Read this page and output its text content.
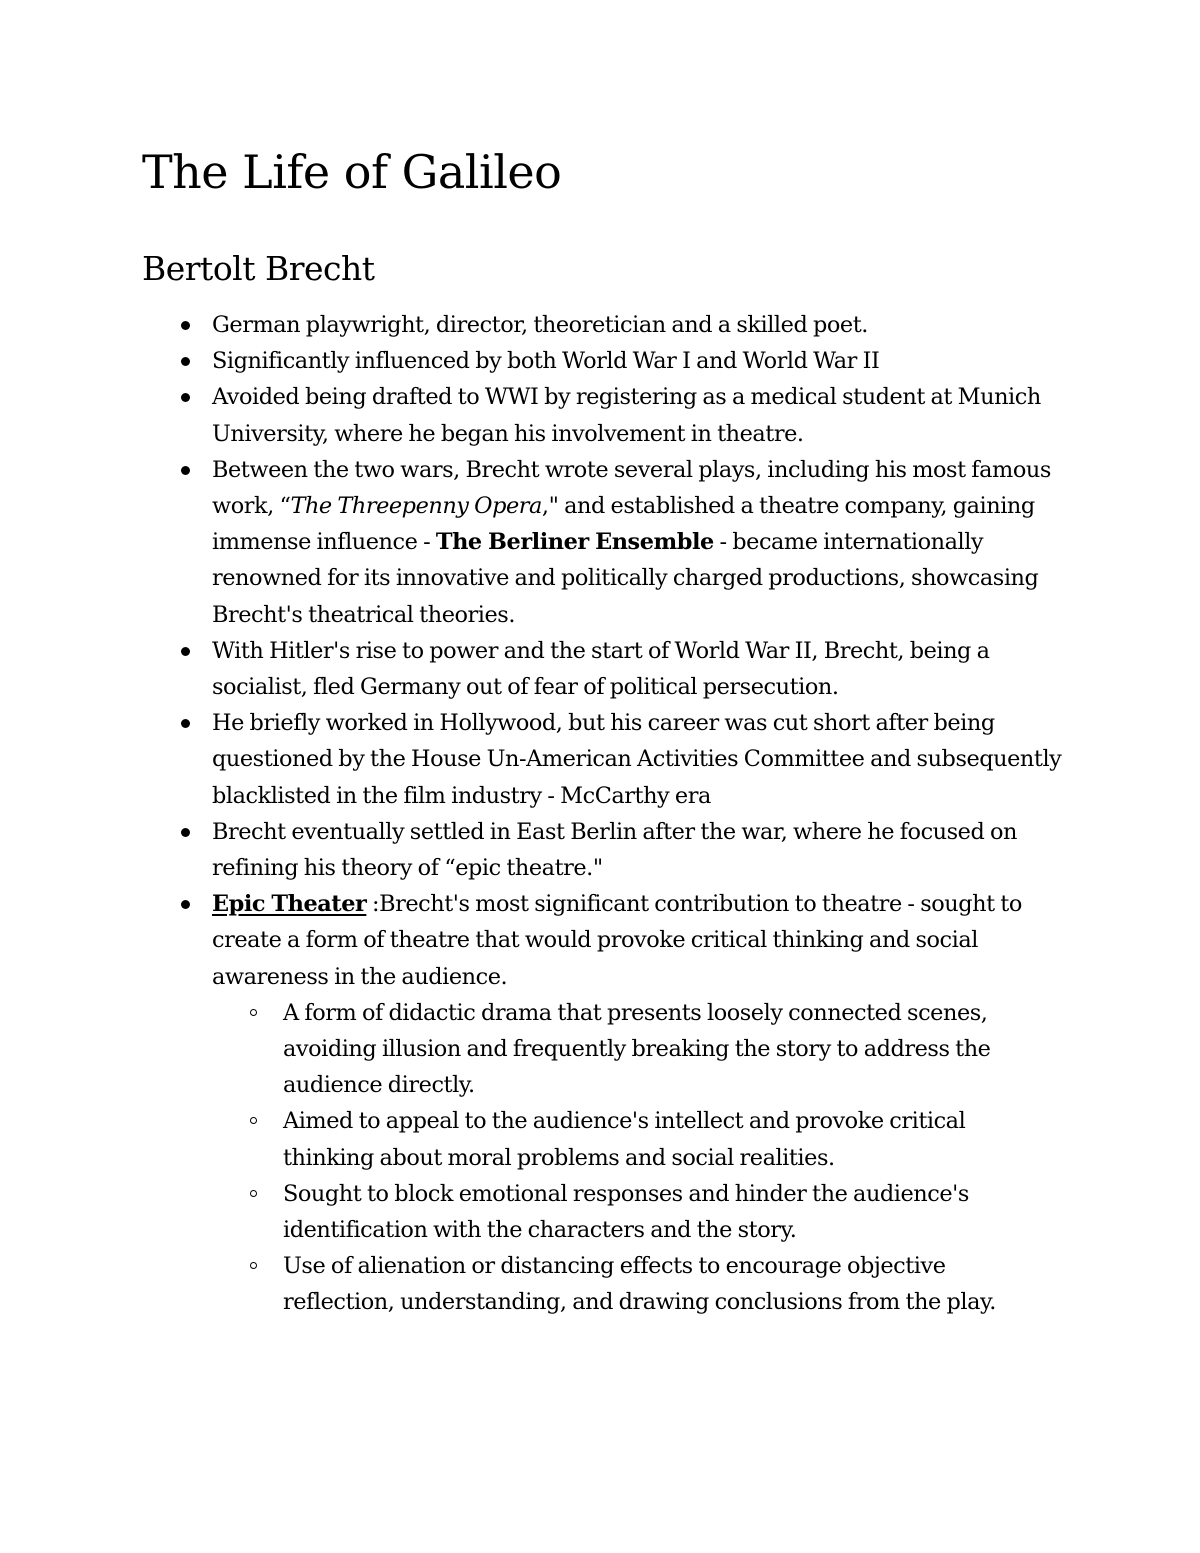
The Life of Galileo
Bertolt Brecht
German playwright, director, theoretician and a skilled poet.
Significantly influenced by both World War I and World War II
Avoided being drafted to WWI by registering as a medical student at Munich University, where he began his involvement in theatre.
Between the two wars, Brecht wrote several plays, including his most famous work, “The Threepenny Opera," and established a theatre company, gaining immense influence - The Berliner Ensemble - became internationally renowned for its innovative and politically charged productions, showcasing Brecht's theatrical theories.
With Hitler's rise to power and the start of World War II, Brecht, being a socialist, fled Germany out of fear of political persecution.
He briefly worked in Hollywood, but his career was cut short after being questioned by the House Un-American Activities Committee and subsequently blacklisted in the film industry - McCarthy era
Brecht eventually settled in East Berlin after the war, where he focused on refining his theory of “epic theatre."
Epic Theater :Brecht's most significant contribution to theatre - sought to create a form of theatre that would provoke critical thinking and social awareness in the audience.
A form of didactic drama that presents loosely connected scenes, avoiding illusion and frequently breaking the story to address the audience directly.
Aimed to appeal to the audience's intellect and provoke critical thinking about moral problems and social realities.
Sought to block emotional responses and hinder the audience's identification with the characters and the story.
Use of alienation or distancing effects to encourage objective reflection, understanding, and drawing conclusions from the play.
